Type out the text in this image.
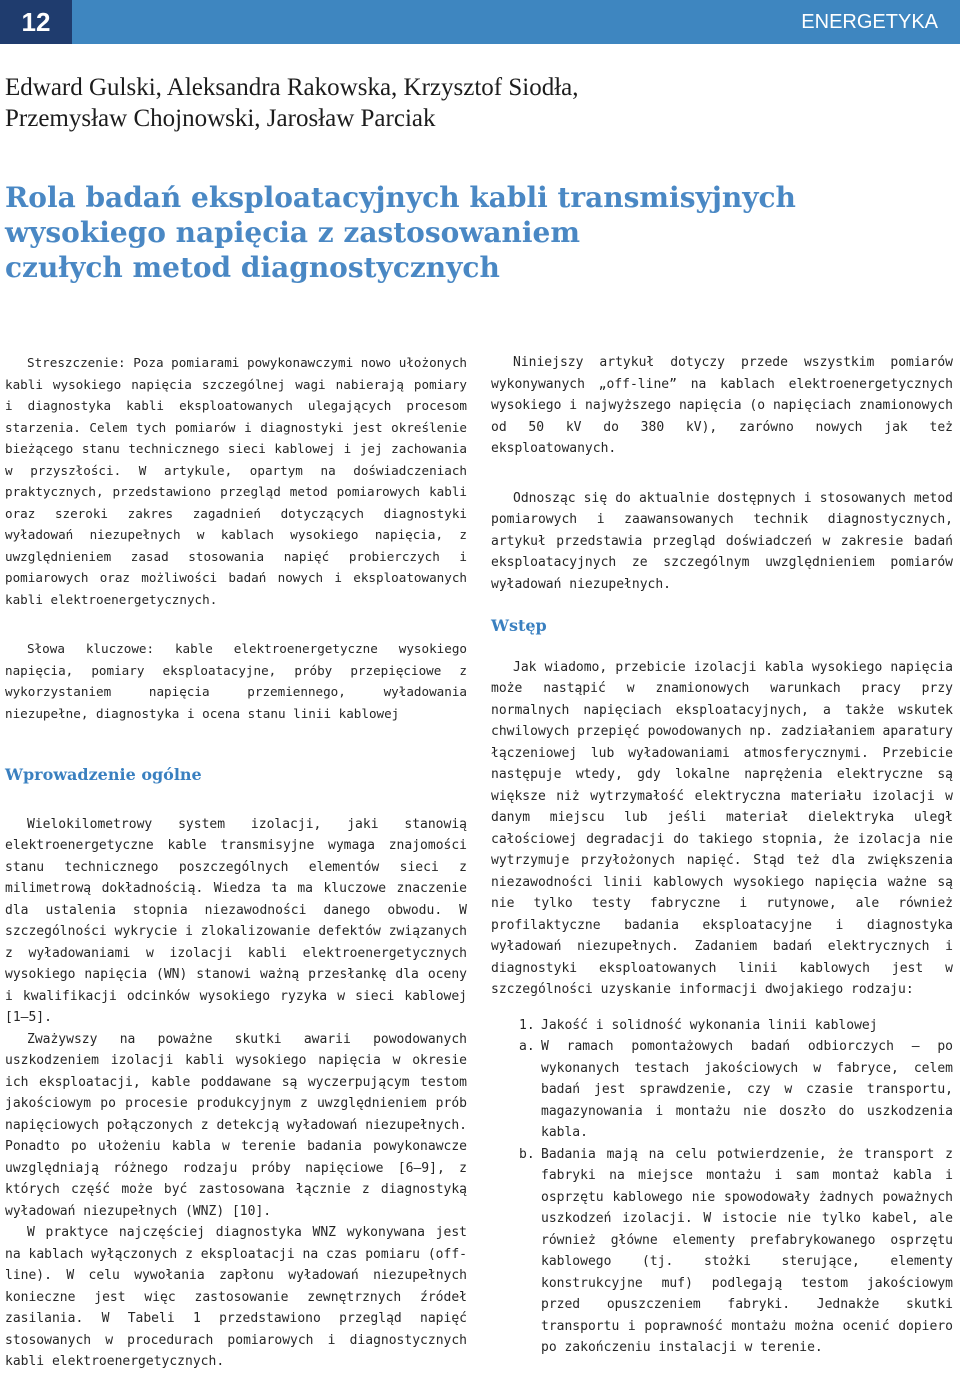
12	ENERGETYKA
Edward Gulski, Aleksandra Rakowska, Krzysztof Siodła,
Przemysław Chojnowski, Jarosław Parciak
Rola badań eksploatacyjnych kabli transmisyjnych
wysokiego napięcia z zastosowaniem
czułych metod diagnostycznych

Streszczenie: Poza pomiarami powykonawczymi nowo ułożonych kabli wysokiego napięcia szczególnej wagi nabierają pomiary i diagnostyka kabli eksploatowanych ulegających procesom starzenia. Celem tych pomiarów i diagnostyki jest określenie bieżącego stanu technicznego sieci kablowej i jej zachowania w przyszłości. W artykule, opartym na doświadczeniach praktycznych, przedstawiono przegląd metod pomiarowych kabli oraz szeroki zakres zagadnień dotyczących diagnostyki wyładowań niezupełnych w kablach wysokiego napięcia, z uwzględnieniem zasad stosowania napięć probierczych i pomiarowych oraz możliwości badań nowych i eksploatowanych kabli elektroenergetycznych.

Słowa kluczowe: kable elektroenergetyczne wysokiego napięcia, pomiary eksploatacyjne, próby przepięciowe z wykorzystaniem napięcia przemiennego, wyładowania niezupełne, diagnostyka i ocena stanu linii kablowej

Wprowadzenie ogólne

Wielokilometrowy system izolacji, jaki stanowią elektroenergetyczne kable transmisyjne wymaga znajomości stanu technicznego poszczególnych elementów sieci z milimetrową dokładnością. Wiedza ta ma kluczowe znaczenie dla ustalenia stopnia niezawodności danego obwodu. W szczególności wykrycie i zlokalizowanie defektów związanych z wyładowaniami w izolacji kabli elektroenergetycznych wysokiego napięcia (WN) stanowi ważną przesłankę dla oceny i kwalifikacji odcinków wysokiego ryzyka w sieci kablowej [1–5].

Zważywszy na poważne skutki awarii powodowanych uszkodzeniem izolacji kabli wysokiego napięcia w okresie ich eksploatacji, kable poddawane są wyczerpującym testom jakościowym po procesie produkcyjnym z uwzględnieniem prób napięciowych połączonych z detekcją wyładowań niezupełnych. Ponadto po ułożeniu kabla w terenie badania powykonawcze uwzględniają różnego rodzaju próby napięciowe [6–9], z których część może być zastosowana łącznie z diagnostyką wyładowań niezupełnych (WNZ) [10].

W praktyce najczęściej diagnostyka WNZ wykonywana jest na kablach wyłączonych z eksploatacji na czas pomiaru (off-line). W celu wywołania zapłonu wyładowań niezupełnych konieczne jest więc zastosowanie zewnętrznych źródeł zasilania. W Tabeli 1 przedstawiono przegląd napięć stosowanych w procedurach pomiarowych i diagnostycznych kabli elektroenergetycznych.

Niniejszy artykuł dotyczy przede wszystkim pomiarów wykonywanych „off-line” na kablach elektroenergetycznych wysokiego i najwyższego napięcia (o napięciach znamionowych od 50 kV do 380 kV), zarówno nowych jak też eksploatowanych.

Odnosząc się do aktualnie dostępnych i stosowanych metod pomiarowych i zaawansowanych technik diagnostycznych, artykuł przedstawia przegląd doświadczeń w zakresie badań eksploatacyjnych ze szczególnym uwzględnieniem pomiarów wyładowań niezupełnych.

Wstęp

Jak wiadomo, przebicie izolacji kabla wysokiego napięcia może nastąpić w znamionowych warunkach pracy przy normalnych napięciach eksploatacyjnych, a także wskutek chwilowych przepięć powodowanych np. zadziałaniem aparatury łączeniowej lub wyładowaniami atmosferycznymi. Przebicie następuje wtedy, gdy lokalne naprężenia elektryczne są większe niż wytrzymałość elektryczna materiału izolacji w danym miejscu lub jeśli materiał dielektryka uległ całościowej degradacji do takiego stopnia, że izolacja nie wytrzymuje przyłożonych napięć. Stąd też dla zwiększenia niezawodności linii kablowych wysokiego napięcia ważne są nie tylko testy fabryczne i rutynowe, ale również profilaktyczne badania eksploatacyjne i diagnostyka wyładowań niezupełnych. Zadaniem badań elektrycznych i diagnostyki eksploatowanych linii kablowych jest w szczególności uzyskanie informacji dwojakiego rodzaju:

1. Jakość i solidność wykonania linii kablowej
a. W ramach pomontażowych badań odbiorczych – po wykonanych testach jakościowych w fabryce, celem badań jest sprawdzenie, czy w czasie transportu, magazynowania i montażu nie doszło do uszkodzenia kabla.
b. Badania mają na celu potwierdzenie, że transport z fabryki na miejsce montażu i sam montaż kabla i osprzętu kablowego nie spowodowały żadnych poważnych uszkodzeń izolacji. W istocie nie tylko kabel, ale również główne elementy prefabrykowanego osprzętu kablowego (tj. stożki sterujące, elementy konstrukcyjne muf) podlegają testom jakościowym przed opuszczeniem fabryki. Jednakże skutki transportu i poprawność montażu można ocenić dopiero po zakończeniu instalacji w terenie.
